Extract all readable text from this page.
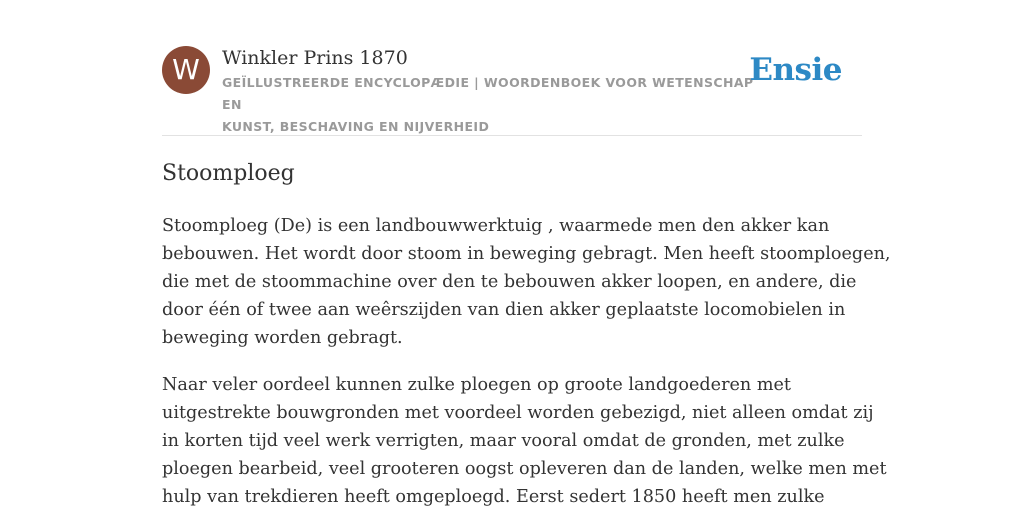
W	Winkler Prins 1870
GEÏLLUSTREERDE ENCYCLOPÆDIE | WOORDENBOEK VOOR WETENSCHAP EN
KUNST, BESCHAVING EN NIJVERHEID
Ensie
Stoomploeg

Stoomploeg (De) is een landbouwwerktuig , waarmede men den akker kan
bebouwen. Het wordt door stoom in beweging gebragt. Men heeft stoomploegen,
die met de stoommachine over den te bebouwen akker loopen, en andere, die
door één of twee aan weêrszijden van dien akker geplaatste locomobielen in
beweging worden gebragt.

Naar veler oordeel kunnen zulke ploegen op groote landgoederen met
uitgestrekte bouwgronden met voordeel worden gebezigd, niet alleen omdat zij
in korten tijd veel werk verrigten, maar vooral omdat de gronden, met zulke
ploegen bearbeid, veel grooteren oogst opleveren dan de landen, welke men met
hulp van trekdieren heeft omgeploegd. Eerst sedert 1850 heeft men zulke
